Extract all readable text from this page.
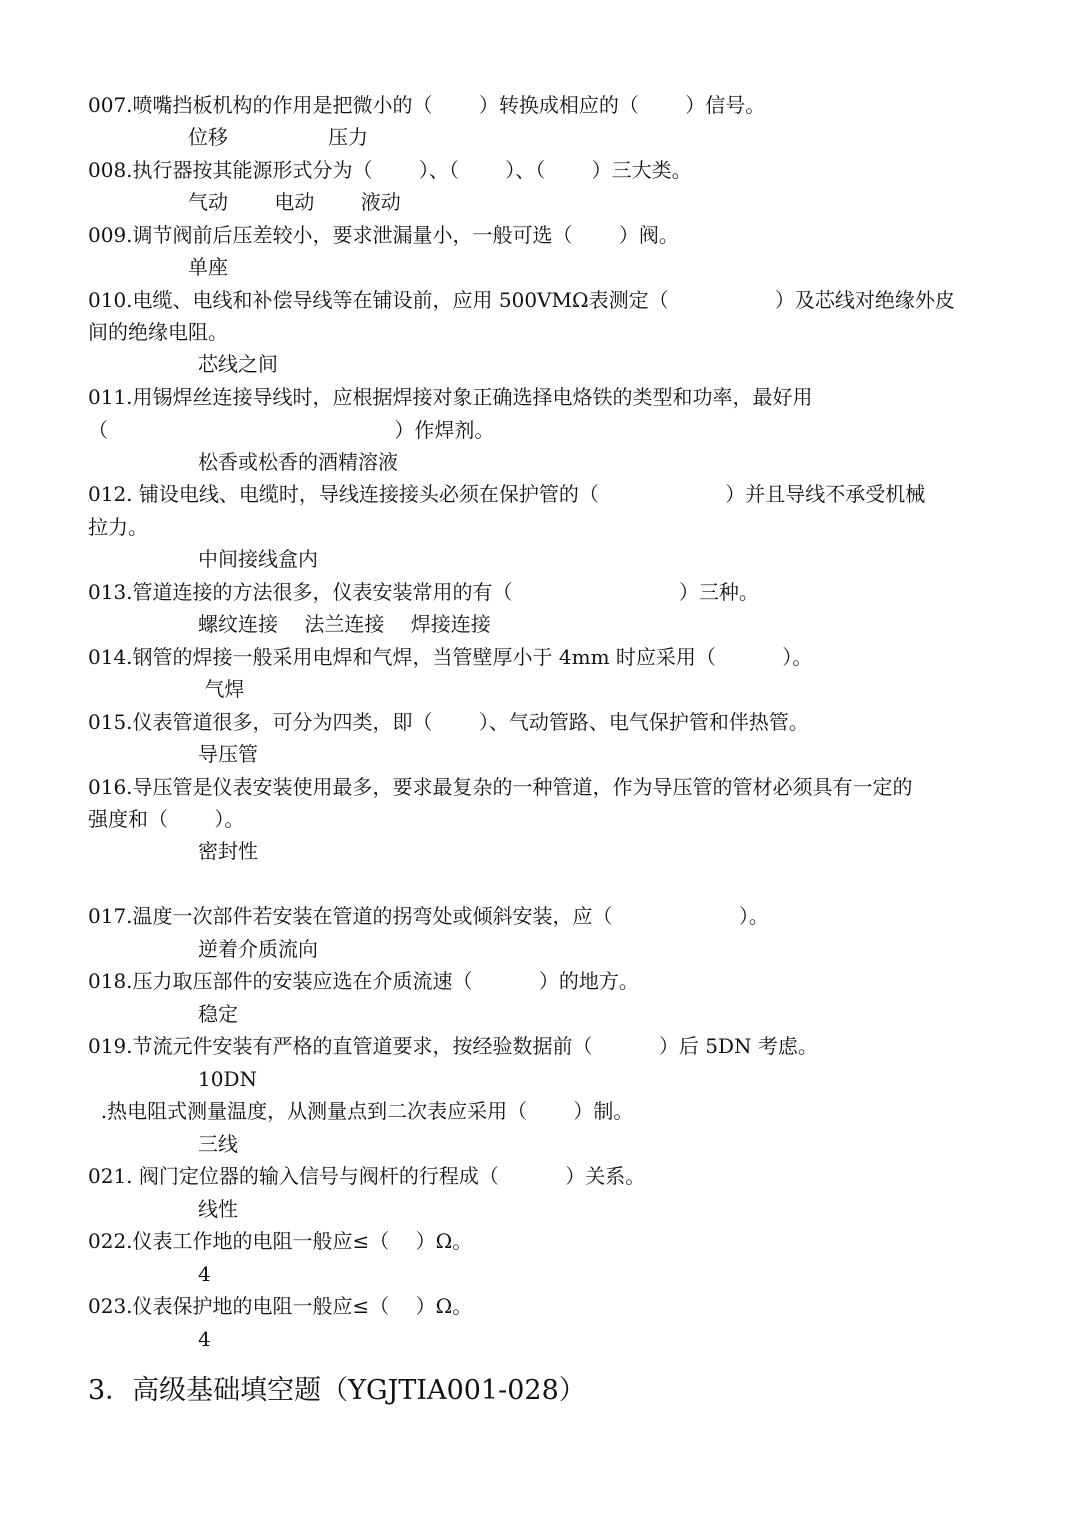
007.喷嘴挡板机构的作用是把微小的（　　 ）转换成相应的（ 　　）信号。
位移　　　　　压力
008.执行器按其能源形式分为（　　 ）、（　　 ）、（　　 ）三大类。
气动　　 电动　　 液动
009.调节阀前后压差较小，要求泄漏量小，一般可选（ 　　）阀。
单座
010.电缆、电线和补偿导线等在铺设前，应用 500VMΩ表测定（　　　　　 ）及芯线对绝缘外皮
间的绝缘电阻。
芯线之间
011.用锡焊丝连接导线时，应根据焊接对象正确选择电烙铁的类型和功率，最好用
（　　　　　　　　　　　　　　 ）作焊剂。
松香或松香的酒精溶液
012. 铺设电线、电缆时，导线连接接头必须在保护管的（　　　　　　 ）并且导线不承受机械
拉力。
中间接线盒内
013.管道连接的方法很多，仪表安装常用的有（　　　　　　　　 ）三种。
螺纹连接　 法兰连接　 焊接连接
014.钢管的焊接一般采用电焊和气焊，当管壁厚小于 4mm 时应采用（　　　 ）。
气焊
015.仪表管道很多，可分为四类，即（　　 ）、气动管路、电气保护管和伴热管。
导压管
016.导压管是仪表安装使用最多，要求最复杂的一种管道，作为导压管的管材必须具有一定的
强度和（　　 ）。
密封性
017.温度一次部件若安装在管道的拐弯处或倾斜安装，应（　　　　　　 ）。
逆着介质流向
018.压力取压部件的安装应选在介质流速（　　　 ）的地方。
稳定
019.节流元件安装有严格的直管道要求，按经验数据前（　　　 ）后 5DN 考虑。
10DN
.热电阻式测量温度，从测量点到二次表应采用（　　 ）制。
三线
021. 阀门定位器的输入信号与阀杆的行程成（　　　 ）关系。
线性
022.仪表工作地的电阻一般应≤（　 ）Ω。
4
023.仪表保护地的电阻一般应≤（　 ）Ω。
4
3．高级基础填空题（YGJTIA001-028）
